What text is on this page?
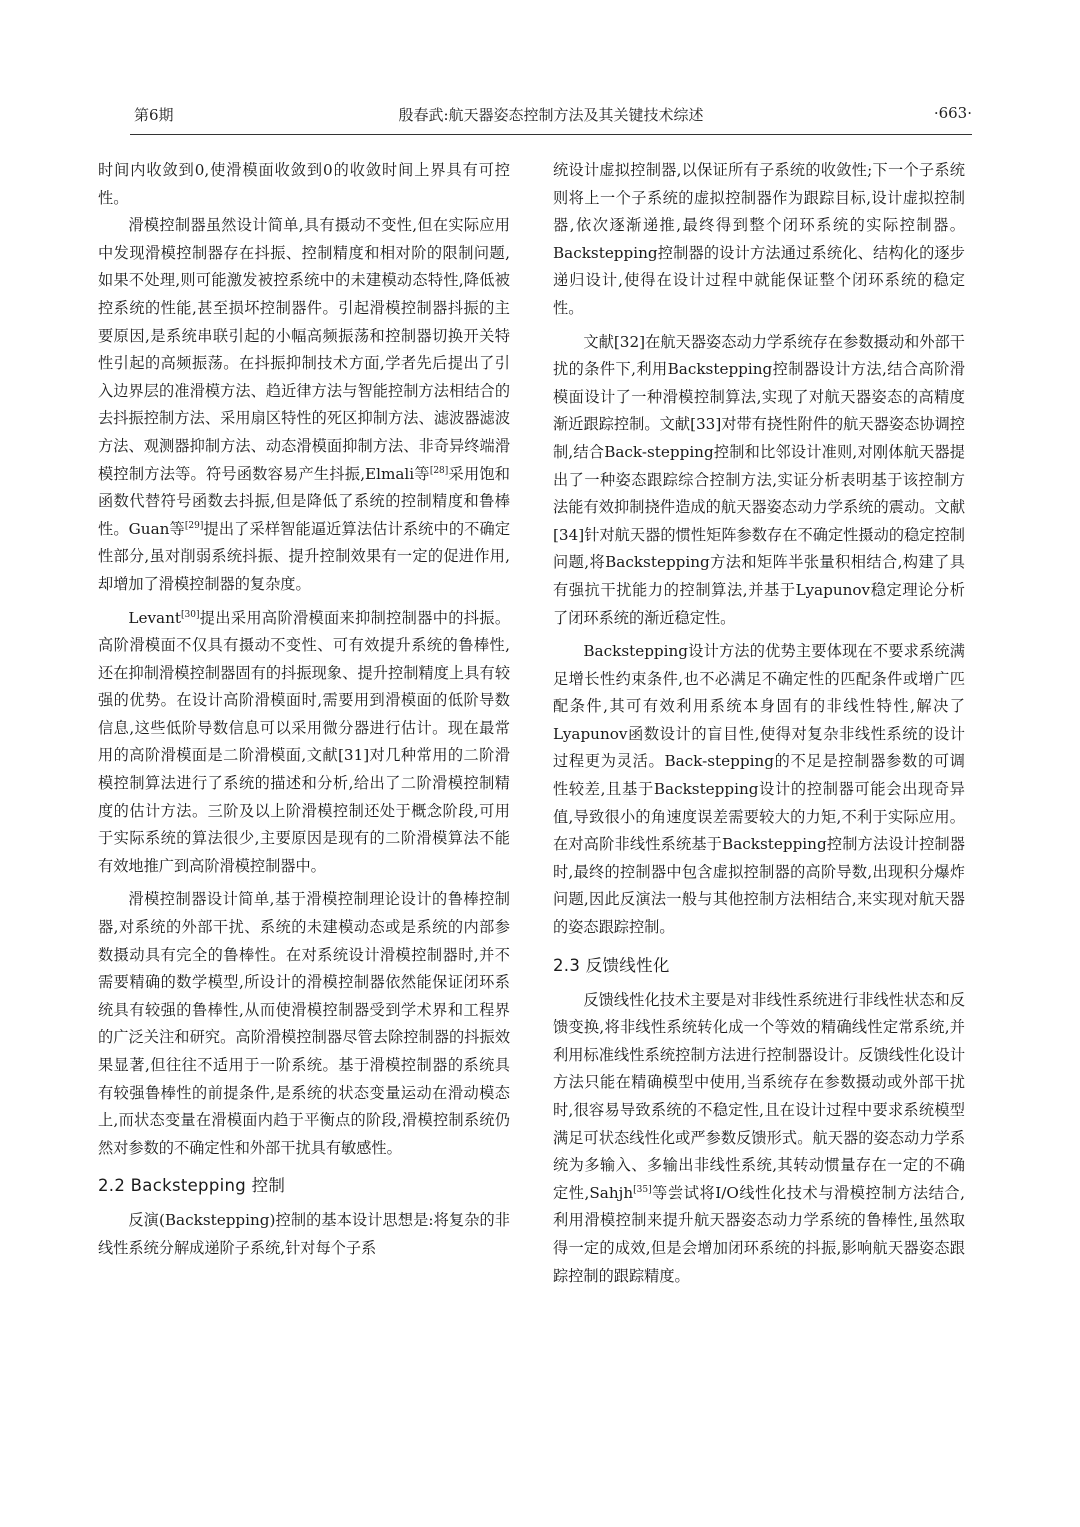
第6期	殷春武:航天器姿态控制方法及其关键技术综述	·663·

时间内收敛到0,使滑模面收敛到0的收敛时间上界具有可控性。

滑模控制器虽然设计简单,具有摄动不变性,但在实际应用中发现滑模控制器存在抖振、控制精度和相对阶的限制问题,如果不处理,则可能激发被控系统中的未建模动态特性,降低被控系统的性能,甚至损坏控制器件。引起滑模控制器抖振的主要原因,是系统串联引起的小幅高频振荡和控制器切换开关特性引起的高频振荡。在抖振抑制技术方面,学者先后提出了引入边界层的准滑模方法、趋近律方法与智能控制方法相结合的去抖振控制方法、采用扇区特性的死区抑制方法、滤波器滤波方法、观测器抑制方法、动态滑模面抑制方法、非奇异终端滑模控制方法等。符号函数容易产生抖振,Elmali等[28]采用饱和函数代替符号函数去抖振,但是降低了系统的控制精度和鲁棒性。Guan等[29]提出了采样智能逼近算法估计系统中的不确定性部分,虽对削弱系统抖振、提升控制效果有一定的促进作用,却增加了滑模控制器的复杂度。

Levant[30]提出采用高阶滑模面来抑制控制器中的抖振。高阶滑模面不仅具有摄动不变性、可有效提升系统的鲁棒性,还在抑制滑模控制器固有的抖振现象、提升控制精度上具有较强的优势。在设计高阶滑模面时,需要用到滑模面的低阶导数信息,这些低阶导数信息可以采用微分器进行估计。现在最常用的高阶滑模面是二阶滑模面,文献[31]对几种常用的二阶滑模控制算法进行了系统的描述和分析,给出了二阶滑模控制精度的估计方法。三阶及以上阶滑模控制还处于概念阶段,可用于实际系统的算法很少,主要原因是现有的二阶滑模算法不能有效地推广到高阶滑模控制器中。

滑模控制器设计简单,基于滑模控制理论设计的鲁棒控制器,对系统的外部干扰、系统的未建模动态或是系统的内部参数摄动具有完全的鲁棒性。在对系统设计滑模控制器时,并不需要精确的数学模型,所设计的滑模控制器依然能保证闭环系统具有较强的鲁棒性,从而使滑模控制器受到学术界和工程界的广泛关注和研究。高阶滑模控制器尽管去除控制器的抖振效果显著,但往往不适用于一阶系统。基于滑模控制器的系统具有较强鲁棒性的前提条件,是系统的状态变量运动在滑动模态上,而状态变量在滑模面内趋于平衡点的阶段,滑模控制系统仍然对参数的不确定性和外部干扰具有敏感性。

2.2 Backstepping 控制

反演(Backstepping)控制的基本设计思想是:将复杂的非线性系统分解成递阶子系统,针对每个子系

统设计虚拟控制器,以保证所有子系统的收敛性;下一个子系统则将上一个子系统的虚拟控制器作为跟踪目标,设计虚拟控制器,依次逐渐递推,最终得到整个闭环系统的实际控制器。Backstepping控制器的设计方法通过系统化、结构化的逐步递归设计,使得在设计过程中就能保证整个闭环系统的稳定性。

文献[32]在航天器姿态动力学系统存在参数摄动和外部干扰的条件下,利用Backstepping控制器设计方法,结合高阶滑模面设计了一种滑模控制算法,实现了对航天器姿态的高精度渐近跟踪控制。文献[33]对带有挠性附件的航天器姿态协调控制,结合Back-stepping控制和比邻设计准则,对刚体航天器提出了一种姿态跟踪综合控制方法,实证分析表明基于该控制方法能有效抑制挠件造成的航天器姿态动力学系统的震动。文献[34]针对航天器的惯性矩阵参数存在不确定性摄动的稳定控制问题,将Backstepping方法和矩阵半张量积相结合,构建了具有强抗干扰能力的控制算法,并基于Lyapunov稳定理论分析了闭环系统的渐近稳定性。

Backstepping设计方法的优势主要体现在不要求系统满足增长性约束条件,也不必满足不确定性的匹配条件或增广匹配条件,其可有效利用系统本身固有的非线性特性,解决了Lyapunov函数设计的盲目性,使得对复杂非线性系统的设计过程更为灵活。Back-stepping的不足是控制器参数的可调性较差,且基于Backstepping设计的控制器可能会出现奇异值,导致很小的角速度误差需要较大的力矩,不利于实际应用。在对高阶非线性系统基于Backstepping控制方法设计控制器时,最终的控制器中包含虚拟控制器的高阶导数,出现积分爆炸问题,因此反演法一般与其他控制方法相结合,来实现对航天器的姿态跟踪控制。

2.3 反馈线性化

反馈线性化技术主要是对非线性系统进行非线性状态和反馈变换,将非线性系统转化成一个等效的精确线性定常系统,并利用标准线性系统控制方法进行控制器设计。反馈线性化设计方法只能在精确模型中使用,当系统存在参数摄动或外部干扰时,很容易导致系统的不稳定性,且在设计过程中要求系统模型满足可状态线性化或严参数反馈形式。航天器的姿态动力学系统为多输入、多输出非线性系统,其转动惯量存在一定的不确定性,Sahjh[35]等尝试将I/O线性化技术与滑模控制方法结合,利用滑模控制来提升航天器姿态动力学系统的鲁棒性,虽然取得一定的成效,但是会增加闭环系统的抖振,影响航天器姿态跟踪控制的跟踪精度。
